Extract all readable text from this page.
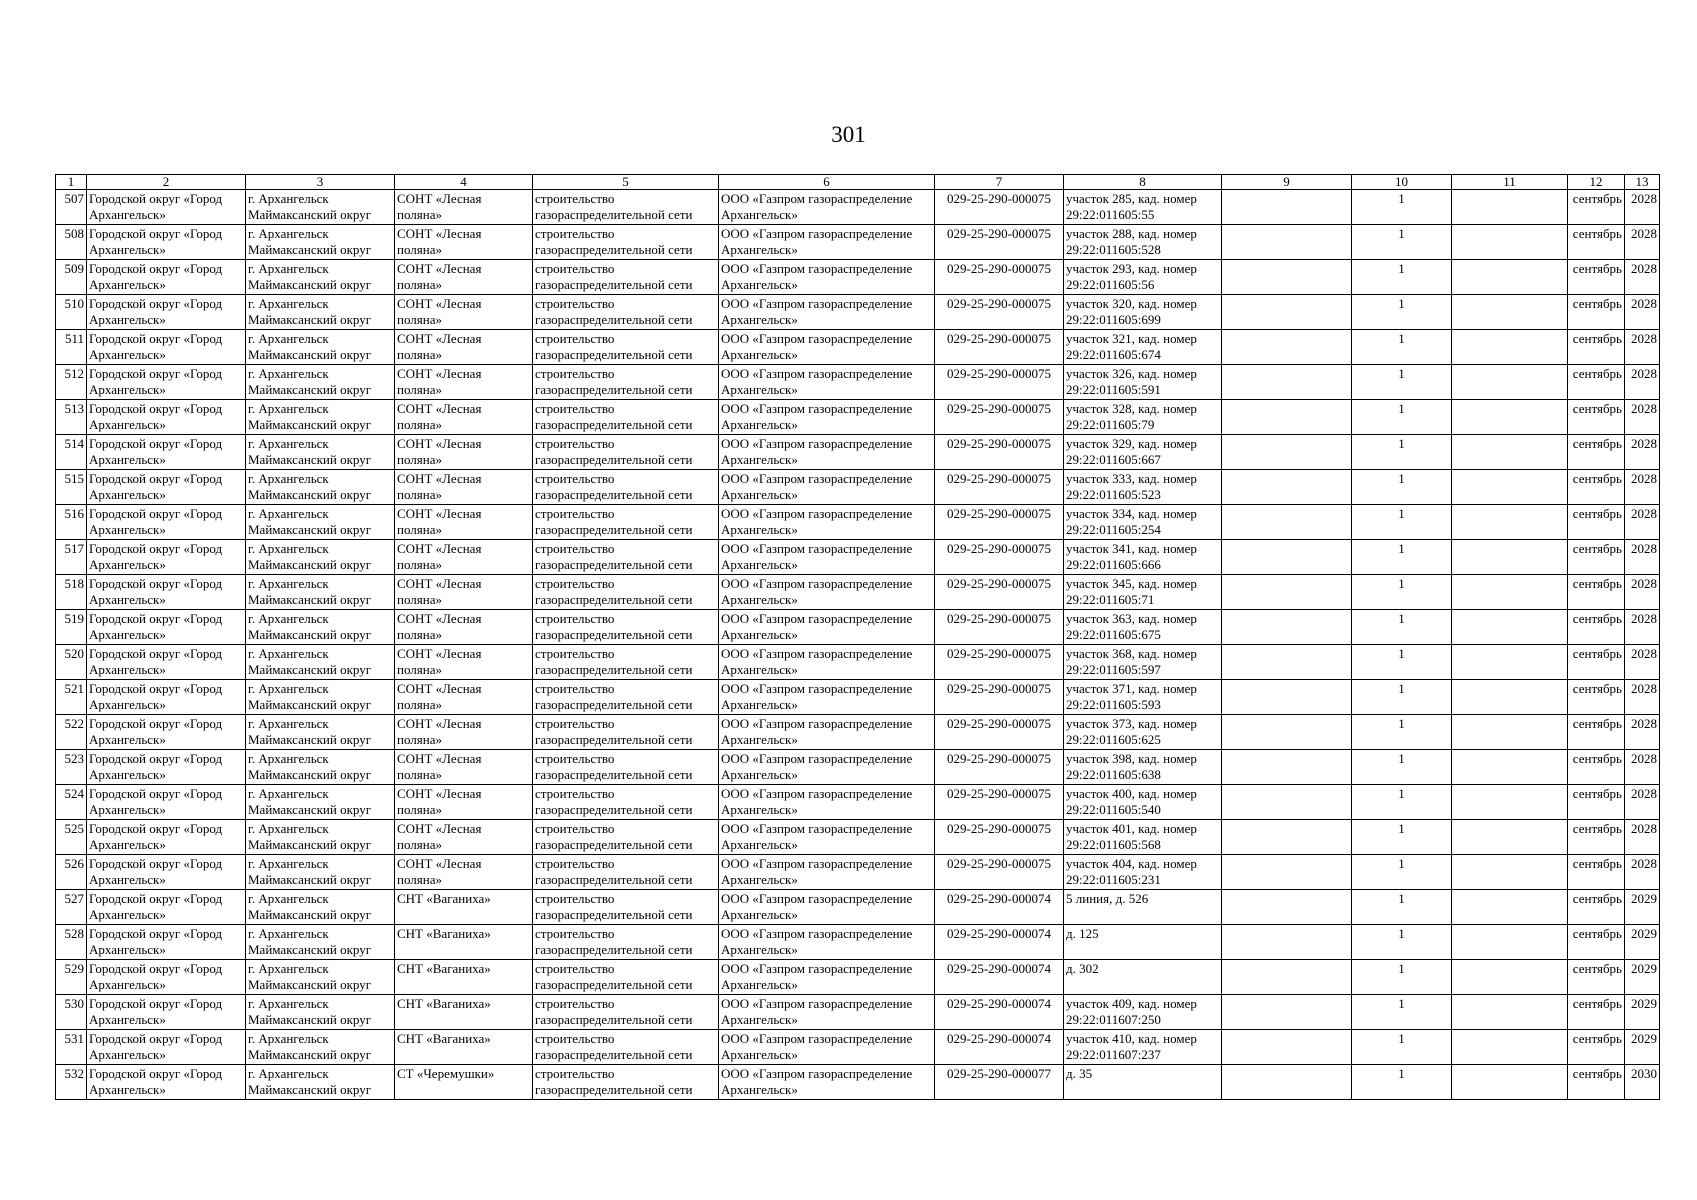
301
1	2	3	4	5	6	7	8	9	10	11	12	13
507	Городской округ «Город
Архангельск»	г. Архангельск
Маймаксанский округ	СОНТ «Лесная
поляна»	строительство
газораспределительной сети	ООО «Газпром газораспределение
Архангельск»	029-25-290-000075	участок 285, кад. номер
29:22:011605:55		1		сентябрь	2028
508	Городской округ «Город
Архангельск»	г. Архангельск
Маймаксанский округ	СОНТ «Лесная
поляна»	строительство
газораспределительной сети	ООО «Газпром газораспределение
Архангельск»	029-25-290-000075	участок 288, кад. номер
29:22:011605:528		1		сентябрь	2028
509	Городской округ «Город
Архангельск»	г. Архангельск
Маймаксанский округ	СОНТ «Лесная
поляна»	строительство
газораспределительной сети	ООО «Газпром газораспределение
Архангельск»	029-25-290-000075	участок 293, кад. номер
29:22:011605:56		1		сентябрь	2028
510	Городской округ «Город
Архангельск»	г. Архангельск
Маймаксанский округ	СОНТ «Лесная
поляна»	строительство
газораспределительной сети	ООО «Газпром газораспределение
Архангельск»	029-25-290-000075	участок 320, кад. номер
29:22:011605:699		1		сентябрь	2028
511	Городской округ «Город
Архангельск»	г. Архангельск
Маймаксанский округ	СОНТ «Лесная
поляна»	строительство
газораспределительной сети	ООО «Газпром газораспределение
Архангельск»	029-25-290-000075	участок 321, кад. номер
29:22:011605:674		1		сентябрь	2028
512	Городской округ «Город
Архангельск»	г. Архангельск
Маймаксанский округ	СОНТ «Лесная
поляна»	строительство
газораспределительной сети	ООО «Газпром газораспределение
Архангельск»	029-25-290-000075	участок 326, кад. номер
29:22:011605:591		1		сентябрь	2028
513	Городской округ «Город
Архангельск»	г. Архангельск
Маймаксанский округ	СОНТ «Лесная
поляна»	строительство
газораспределительной сети	ООО «Газпром газораспределение
Архангельск»	029-25-290-000075	участок 328, кад. номер
29:22:011605:79		1		сентябрь	2028
514	Городской округ «Город
Архангельск»	г. Архангельск
Маймаксанский округ	СОНТ «Лесная
поляна»	строительство
газораспределительной сети	ООО «Газпром газораспределение
Архангельск»	029-25-290-000075	участок 329, кад. номер
29:22:011605:667		1		сентябрь	2028
515	Городской округ «Город
Архангельск»	г. Архангельск
Маймаксанский округ	СОНТ «Лесная
поляна»	строительство
газораспределительной сети	ООО «Газпром газораспределение
Архангельск»	029-25-290-000075	участок 333, кад. номер
29:22:011605:523		1		сентябрь	2028
516	Городской округ «Город
Архангельск»	г. Архангельск
Маймаксанский округ	СОНТ «Лесная
поляна»	строительство
газораспределительной сети	ООО «Газпром газораспределение
Архангельск»	029-25-290-000075	участок 334, кад. номер
29:22:011605:254		1		сентябрь	2028
517	Городской округ «Город
Архангельск»	г. Архангельск
Маймаксанский округ	СОНТ «Лесная
поляна»	строительство
газораспределительной сети	ООО «Газпром газораспределение
Архангельск»	029-25-290-000075	участок 341, кад. номер
29:22:011605:666		1		сентябрь	2028
518	Городской округ «Город
Архангельск»	г. Архангельск
Маймаксанский округ	СОНТ «Лесная
поляна»	строительство
газораспределительной сети	ООО «Газпром газораспределение
Архангельск»	029-25-290-000075	участок 345, кад. номер
29:22:011605:71		1		сентябрь	2028
519	Городской округ «Город
Архангельск»	г. Архангельск
Маймаксанский округ	СОНТ «Лесная
поляна»	строительство
газораспределительной сети	ООО «Газпром газораспределение
Архангельск»	029-25-290-000075	участок 363, кад. номер
29:22:011605:675		1		сентябрь	2028
520	Городской округ «Город
Архангельск»	г. Архангельск
Маймаксанский округ	СОНТ «Лесная
поляна»	строительство
газораспределительной сети	ООО «Газпром газораспределение
Архангельск»	029-25-290-000075	участок 368, кад. номер
29:22:011605:597		1		сентябрь	2028
521	Городской округ «Город
Архангельск»	г. Архангельск
Маймаксанский округ	СОНТ «Лесная
поляна»	строительство
газораспределительной сети	ООО «Газпром газораспределение
Архангельск»	029-25-290-000075	участок 371, кад. номер
29:22:011605:593		1		сентябрь	2028
522	Городской округ «Город
Архангельск»	г. Архангельск
Маймаксанский округ	СОНТ «Лесная
поляна»	строительство
газораспределительной сети	ООО «Газпром газораспределение
Архангельск»	029-25-290-000075	участок 373, кад. номер
29:22:011605:625		1		сентябрь	2028
523	Городской округ «Город
Архангельск»	г. Архангельск
Маймаксанский округ	СОНТ «Лесная
поляна»	строительство
газораспределительной сети	ООО «Газпром газораспределение
Архангельск»	029-25-290-000075	участок 398, кад. номер
29:22:011605:638		1		сентябрь	2028
524	Городской округ «Город
Архангельск»	г. Архангельск
Маймаксанский округ	СОНТ «Лесная
поляна»	строительство
газораспределительной сети	ООО «Газпром газораспределение
Архангельск»	029-25-290-000075	участок 400, кад. номер
29:22:011605:540		1		сентябрь	2028
525	Городской округ «Город
Архангельск»	г. Архангельск
Маймаксанский округ	СОНТ «Лесная
поляна»	строительство
газораспределительной сети	ООО «Газпром газораспределение
Архангельск»	029-25-290-000075	участок 401, кад. номер
29:22:011605:568		1		сентябрь	2028
526	Городской округ «Город
Архангельск»	г. Архангельск
Маймаксанский округ	СОНТ «Лесная
поляна»	строительство
газораспределительной сети	ООО «Газпром газораспределение
Архангельск»	029-25-290-000075	участок 404, кад. номер
29:22:011605:231		1		сентябрь	2028
527	Городской округ «Город
Архангельск»	г. Архангельск
Маймаксанский округ	СНТ «Ваганиха»	строительство
газораспределительной сети	ООО «Газпром газораспределение
Архангельск»	029-25-290-000074	5 линия, д. 526		1		сентябрь	2029
528	Городской округ «Город
Архангельск»	г. Архангельск
Маймаксанский округ	СНТ «Ваганиха»	строительство
газораспределительной сети	ООО «Газпром газораспределение
Архангельск»	029-25-290-000074	д. 125		1		сентябрь	2029
529	Городской округ «Город
Архангельск»	г. Архангельск
Маймаксанский округ	СНТ «Ваганиха»	строительство
газораспределительной сети	ООО «Газпром газораспределение
Архангельск»	029-25-290-000074	д. 302		1		сентябрь	2029
530	Городской округ «Город
Архангельск»	г. Архангельск
Маймаксанский округ	СНТ «Ваганиха»	строительство
газораспределительной сети	ООО «Газпром газораспределение
Архангельск»	029-25-290-000074	участок 409, кад. номер
29:22:011607:250		1		сентябрь	2029
531	Городской округ «Город
Архангельск»	г. Архангельск
Маймаксанский округ	СНТ «Ваганиха»	строительство
газораспределительной сети	ООО «Газпром газораспределение
Архангельск»	029-25-290-000074	участок 410, кад. номер
29:22:011607:237		1		сентябрь	2029
532	Городской округ «Город
Архангельск»	г. Архангельск
Маймаксанский округ	СТ «Черемушки»	строительство
газораспределительной сети	ООО «Газпром газораспределение
Архангельск»	029-25-290-000077	д. 35		1		сентябрь	2030
